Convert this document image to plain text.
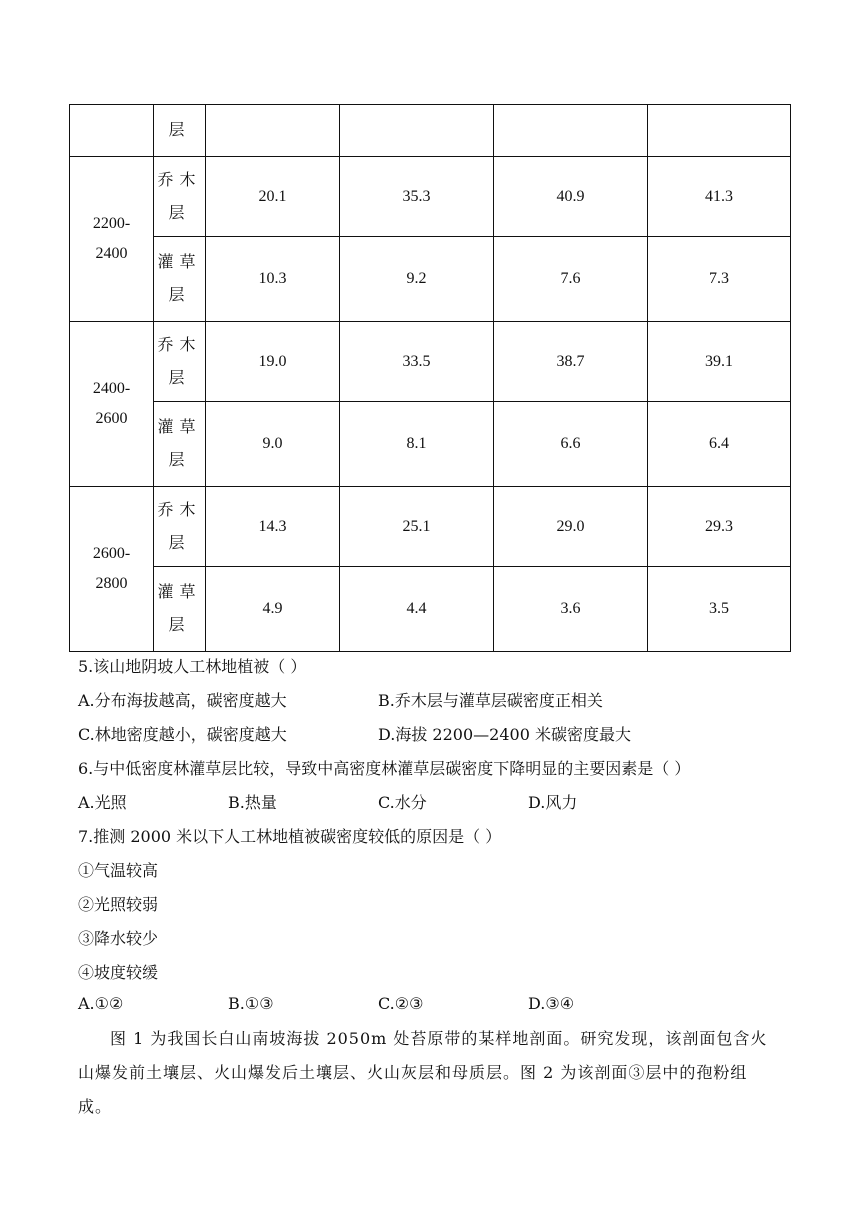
	层				
2200-
2400	乔木层	20.1	35.3	40.9	41.3
	灌草层	10.3	9.2	7.6	7.3
2400-
2600	乔木层	19.0	33.5	38.7	39.1
	灌草层	9.0	8.1	6.6	6.4
2600-
2800	乔木层	14.3	25.1	29.0	29.3
	灌草层	4.9	4.4	3.6	3.5
5.该山地阴坡人工林地植被（ ）
A.分布海拔越高，碳密度越大	B.乔木层与灌草层碳密度正相关
C.林地密度越小，碳密度越大	D.海拔 2200—2400 米碳密度最大
6.与中低密度林灌草层比较，导致中高密度林灌草层碳密度下降明显的主要因素是（ ）
A.光照	B.热量	C.水分	D.风力
7.推测 2000 米以下人工林地植被碳密度较低的原因是（ ）
①气温较高
②光照较弱
③降水较少
④坡度较缓
A.①②	B.①③	C.②③	D.③④
图 1 为我国长白山南坡海拔 2050m 处苔原带的某样地剖面。研究发现，该剖面包含火山爆发前土壤层、火山爆发后土壤层、火山灰层和母质层。图 2 为该剖面③层中的孢粉组成。
